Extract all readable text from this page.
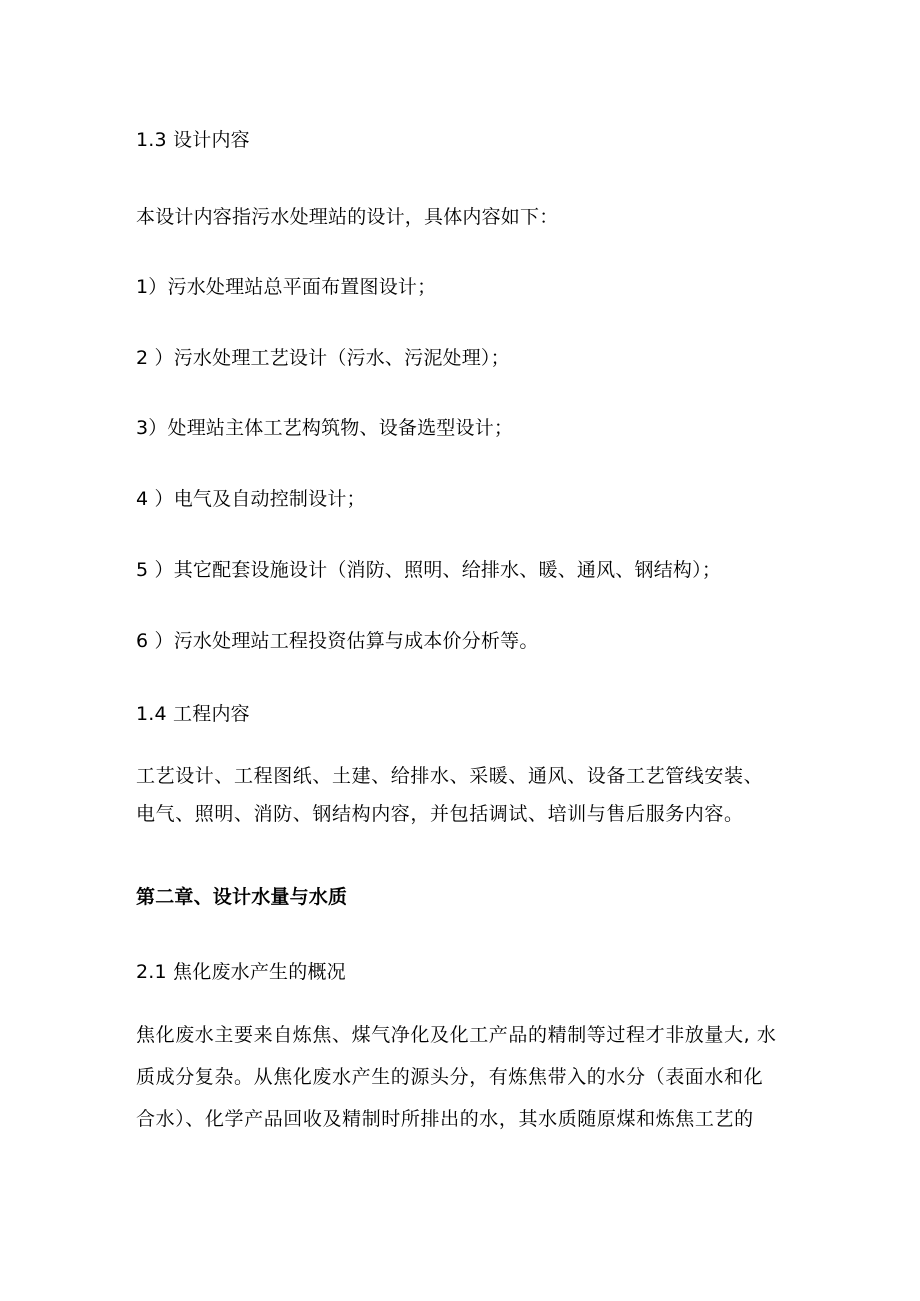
1.3 设计内容
本设计内容指污水处理站的设计，具体内容如下：
1）污水处理站总平面布置图设计；
2 ）污水处理工艺设计（污水、污泥处理）；
3）处理站主体工艺构筑物、设备选型设计；
4 ）电气及自动控制设计；
5 ）其它配套设施设计（消防、照明、给排水、暖、通风、钢结构）；
6 ）污水处理站工程投资估算与成本价分析等。
1.4 工程内容

工艺设计、工程图纸、土建、给排水、采暖、通风、设备工艺管线安装、

电气、照明、消防、钢结构内容，并包括调试、培训与售后服务内容。

第二章、设计水量与水质
2.1 焦化废水产生的概况

焦化废水主要来自炼焦、煤气净化及化工产品的精制等过程才非放量大, 水

质成分复杂。从焦化废水产生的源头分，有炼焦带入的水分（表面水和化

合水）、化学产品回收及精制时所排出的水，其水质随原煤和炼焦工艺的
